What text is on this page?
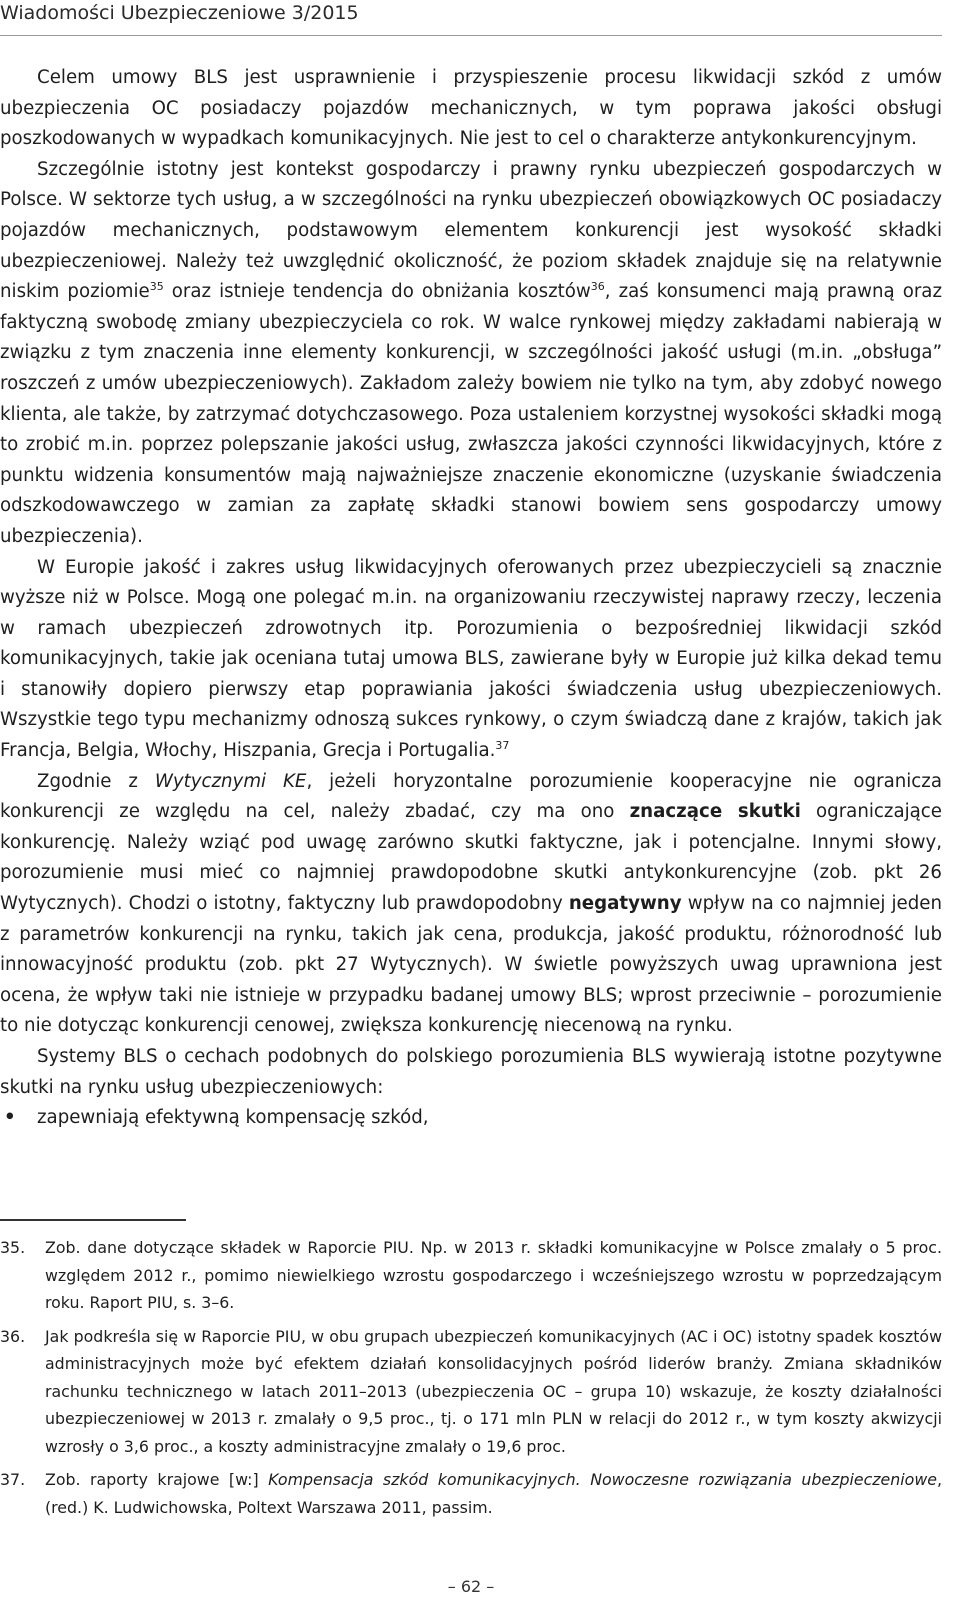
Wiadomości Ubezpieczeniowe 3/2015

Celem umowy BLS jest usprawnienie i przyspieszenie procesu likwidacji szkód z umów ubezpieczenia OC posiadaczy pojazdów mechanicznych, w tym poprawa jakości obsługi poszkodowanych w wypadkach komunikacyjnych. Nie jest to cel o charakterze antykonkurencyjnym.

Szczególnie istotny jest kontekst gospodarczy i prawny rynku ubezpieczeń gospodarczych w Polsce. W sektorze tych usług, a w szczególności na rynku ubezpieczeń obowiązkowych OC posiadaczy pojazdów mechanicznych, podstawowym elementem konkurencji jest wysokość składki ubezpieczeniowej. Należy też uwzględnić okoliczność, że poziom składek znajduje się na relatywnie niskim poziomie$^{35}$ oraz istnieje tendencja do obniżania kosztów$^{36}$, zaś konsumenci mają prawną oraz faktyczną swobodę zmiany ubezpieczyciela co rok. W walce rynkowej między zakładami nabierają w związku z tym znaczenia inne elementy konkurencji, w szczególności jakość usługi (m.in. „obsługa” roszczeń z umów ubezpieczeniowych). Zakładom zależy bowiem nie tylko na tym, aby zdobyć nowego klienta, ale także, by zatrzymać dotychczasowego. Poza ustaleniem korzystnej wysokości składki mogą to zrobić m.in. poprzez polepszanie jakości usług, zwłaszcza jakości czynności likwidacyjnych, które z punktu widzenia konsumentów mają najważniejsze znaczenie ekonomiczne (uzyskanie świadczenia odszkodowawczego w zamian za zapłatę składki stanowi bowiem sens gospodarczy umowy ubezpieczenia).

W Europie jakość i zakres usług likwidacyjnych oferowanych przez ubezpieczycieli są znacznie wyższe niż w Polsce. Mogą one polegać m.in. na organizowaniu rzeczywistej naprawy rzeczy, leczenia w ramach ubezpieczeń zdrowotnych itp. Porozumienia o bezpośredniej likwidacji szkód komunikacyjnych, takie jak oceniana tutaj umowa BLS, zawierane były w Europie już kilka dekad temu i stanowiły dopiero pierwszy etap poprawiania jakości świadczenia usług ubezpieczeniowych. Wszystkie tego typu mechanizmy odnoszą sukces rynkowy, o czym świadczą dane z krajów, takich jak Francja, Belgia, Włochy, Hiszpania, Grecja i Portugalia.$^{37}$

Zgodnie z Wytycznymi KE, jeżeli horyzontalne porozumienie kooperacyjne nie ogranicza konkurencji ze względu na cel, należy zbadać, czy ma ono znaczące skutki ograniczające konkurencję. Należy wziąć pod uwagę zarówno skutki faktyczne, jak i potencjalne. Innymi słowy, porozumienie musi mieć co najmniej prawdopodobne skutki antykonkurencyjne (zob. pkt 26 Wytycznych). Chodzi o istotny, faktyczny lub prawdopodobny negatywny wpływ na co najmniej jeden z parametrów konkurencji na rynku, takich jak cena, produkcja, jakość produktu, różnorodność lub innowacyjność produktu (zob. pkt 27 Wytycznych). W świetle powyższych uwag uprawniona jest ocena, że wpływ taki nie istnieje w przypadku badanej umowy BLS; wprost przeciwnie – porozumienie to nie dotycząc konkurencji cenowej, zwiększa konkurencję niecenową na rynku.

Systemy BLS o cechach podobnych do polskiego porozumienia BLS wywierają istotne pozytywne skutki na rynku usług ubezpieczeniowych:

• zapewniają efektywną kompensację szkód,
35. Zob. dane dotyczące składek w Raporcie PIU. Np. w 2013 r. składki komunikacyjne w Polsce zmalały o 5 proc. względem 2012 r., pomimo niewielkiego wzrostu gospodarczego i wcześniejszego wzrostu w poprzedzającym roku. Raport PIU, s. 3–6.
36. Jak podkreśla się w Raporcie PIU, w obu grupach ubezpieczeń komunikacyjnych (AC i OC) istotny spadek kosztów administracyjnych może być efektem działań konsolidacyjnych pośród liderów branży. Zmiana składników rachunku technicznego w latach 2011–2013 (ubezpieczenia OC – grupa 10) wskazuje, że koszty działalności ubezpieczeniowej w 2013 r. zmalały o 9,5 proc., tj. o 171 mln PLN w relacji do 2012 r., w tym koszty akwizycji wzrosły o 3,6 proc., a koszty administracyjne zmalały o 19,6 proc.
37. Zob. raporty krajowe [w:] Kompensacja szkód komunikacyjnych. Nowoczesne rozwiązania ubezpieczeniowe, (red.) K. Ludwichowska, Poltext Warszawa 2011, passim.
– 62 –
